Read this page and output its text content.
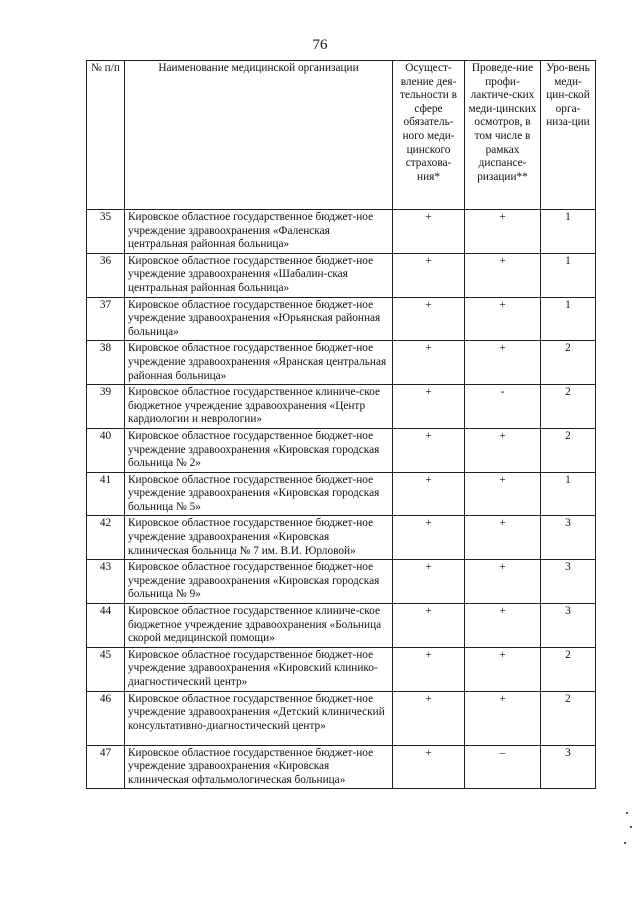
76
№ п/п	Наименование медицинской организации	Осущест-вление дея-тельности в сфере обязатель-ного меди-цинского страхова-ния*	Проведе-ние профи-лактиче-ских меди-цинских осмотров, в том числе в рамках диспансе-ризации**	Уро-вень меди-цин-ской орга-низа-ции
35	Кировское областное государственное бюджет-ное учреждение здравоохранения «Фаленская центральная районная больница»	+	+	1
36	Кировское областное государственное бюджет-ное учреждение здравоохранения «Шабалин-ская центральная районная больница»	+	+	1
37	Кировское областное государственное бюджет-ное учреждение здравоохранения «Юрьянская районная больница»	+	+	1
38	Кировское областное государственное бюджет-ное учреждение здравоохранения «Яранская центральная районная больница»	+	+	2
39	Кировское областное государственное клиниче-ское бюджетное учреждение здравоохранения «Центр кардиологии и неврологии»	+	-	2
40	Кировское областное государственное бюджет-ное учреждение здравоохранения «Кировская городская больница № 2»	+	+	2
41	Кировское областное государственное бюджет-ное учреждение здравоохранения «Кировская городская больница № 5»	+	+	1
42	Кировское областное государственное бюджет-ное учреждение здравоохранения «Кировская клиническая больница № 7 им. В.И. Юрловой»	+	+	3
43	Кировское областное государственное бюджет-ное учреждение здравоохранения «Кировская городская больница № 9»	+	+	3
44	Кировское областное государственное клиниче-ское бюджетное учреждение здравоохранения «Больница скорой медицинской помощи»	+	+	3
45	Кировское областное государственное бюджет-ное учреждение здравоохранения «Кировский клинико-диагностический центр»	+	+	2
46	Кировское областное государственное бюджет-ное учреждение здравоохранения «Детский клинический консультативно-диагностический центр»	+	+	2
47	Кировское областное государственное бюджет-ное учреждение здравоохранения «Кировская клиническая офтальмологическая больница»	+	–	3
